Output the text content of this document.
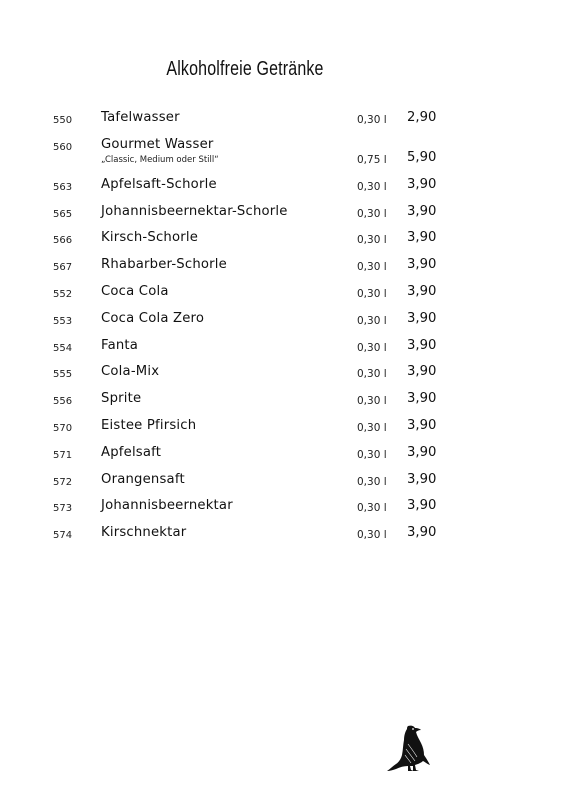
Alkoholfreie Getränke
550 Tafelwasser	0,30 l 2,90
560 Gourmet Wasser
„Classic, Medium oder Still“	0,75 l 5,90
563 Apfelsaft-Schorle	0,30 l 3,90
565 Johannisbeernektar-Schorle	0,30 l 3,90
566 Kirsch-Schorle	0,30 l 3,90
567 Rhabarber-Schorle	0,30 l 3,90
552 Coca Cola	0,30 l 3,90
553 Coca Cola Zero	0,30 l 3,90
554 Fanta	0,30 l 3,90
555 Cola-Mix	0,30 l 3,90
556 Sprite	0,30 l 3,90
570 Eistee Pfirsich	0,30 l 3,90
571 Apfelsaft	0,30 l 3,90
572 Orangensaft	0,30 l 3,90
573 Johannisbeernektar	0,30 l 3,90
574 Kirschnektar	0,30 l 3,90
